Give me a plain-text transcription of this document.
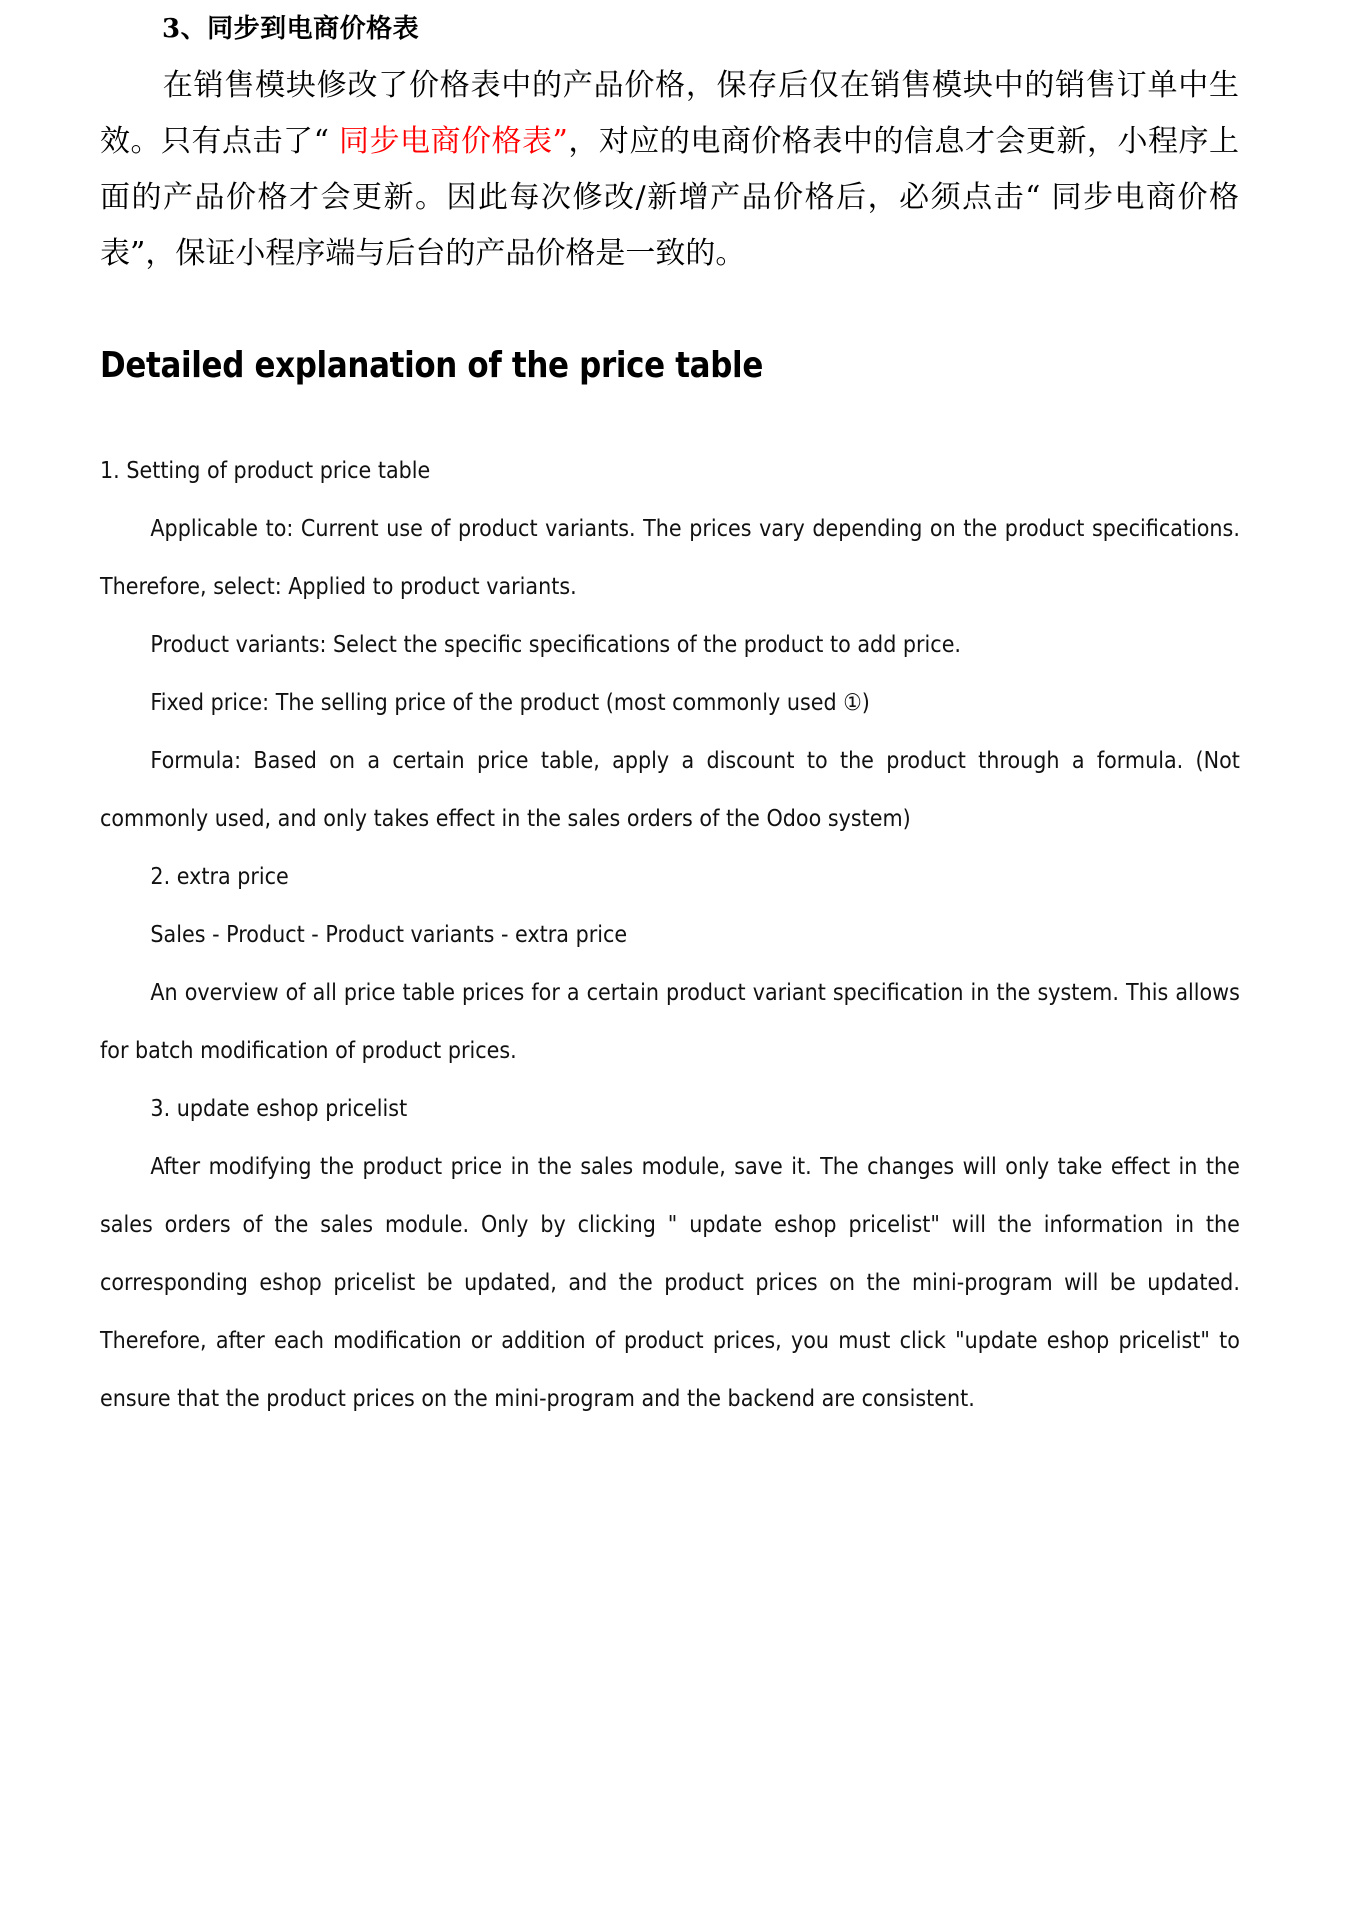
3、同步到电商价格表
在销售模块修改了价格表中的产品价格，保存后仅在销售模块中的销售订单中生效。只有点击了“ 同步电商价格表”，对应的电商价格表中的信息才会更新，小程序上面的产品价格才会更新。因此每次修改/新增产品价格后，必须点击“ 同步电商价格表”，保证小程序端与后台的产品价格是一致的。
Detailed explanation of the price table

1. Setting of product price table

Applicable to: Current use of product variants. The prices vary depending on the product specifications. Therefore, select: Applied to product variants.

Product variants: Select the specific specifications of the product to add price.

Fixed price: The selling price of the product (most commonly used ①)

Formula: Based on a certain price table, apply a discount to the product through a formula. (Not commonly used, and only takes effect in the sales orders of the Odoo system)

2. extra price

Sales - Product - Product variants - extra price

An overview of all price table prices for a certain product variant specification in the system. This allows for batch modification of product prices.

3. update eshop pricelist

After modifying the product price in the sales module, save it. The changes will only take effect in the sales orders of the sales module. Only by clicking " update eshop pricelist" will the information in the corresponding eshop pricelist be updated, and the product prices on the mini-program will be updated. Therefore, after each modification or addition of product prices, you must click "update eshop pricelist" to ensure that the product prices on the mini-program and the backend are consistent.
